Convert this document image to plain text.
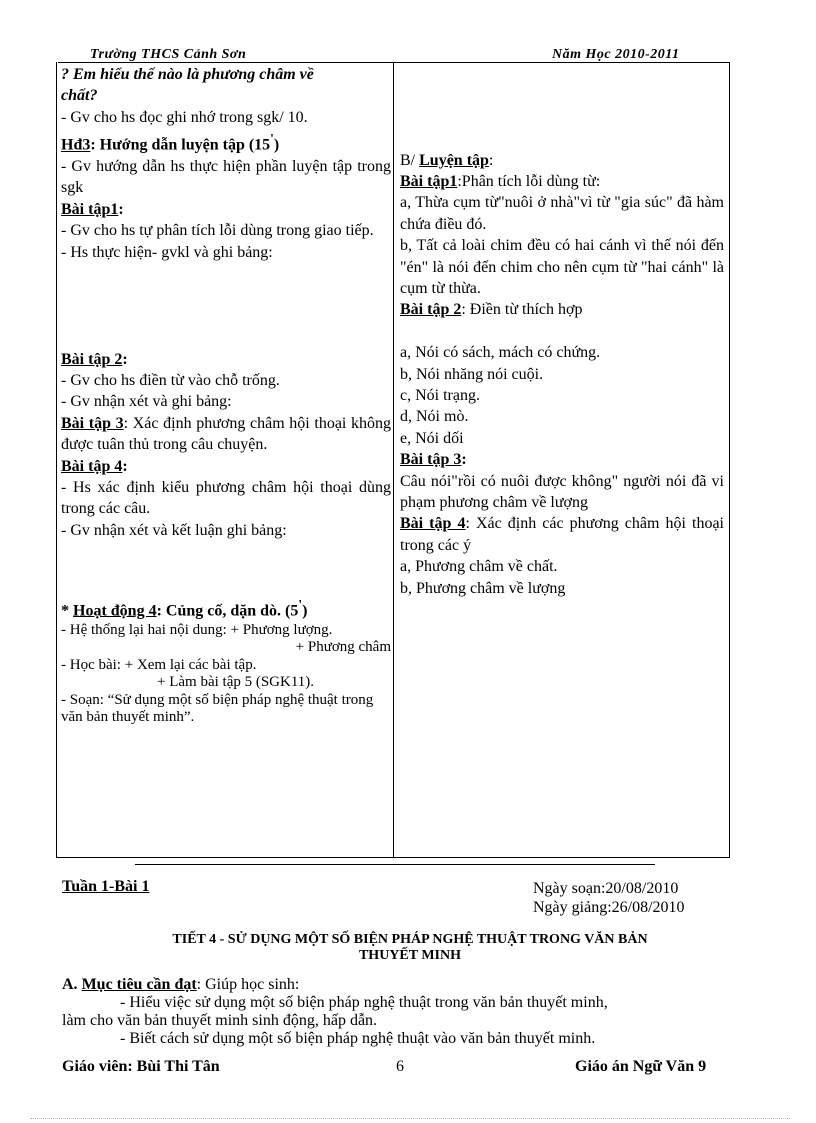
Trường THCS Cảnh Sơn	Năm Học 2010-2011

? Em hiểu thế nào là phương châm về
chất?

- Gv cho hs đọc ghi nhớ trong sgk/ 10.

Hđ3: Hướng dẫn luyện tập (15')

- Gv hướng dẫn hs thực hiện phần luyện tập trong sgk

Bài tập1:

- Gv cho hs tự phân tích lỗi dùng trong giao tiếp.

- Hs thực hiện- gvkl và ghi bảng:

Bài tập 2:

- Gv cho hs điền từ vào chỗ trống.

- Gv nhận xét và ghi bảng:

Bài tập 3: Xác định phương châm hội thoại không được tuân thủ trong câu chuyện.

Bài tập 4:

- Hs xác định kiểu phương châm hội thoại dùng trong các câu.

- Gv nhận xét và kết luận ghi bảng:

* Hoạt động 4: Củng cố, dặn dò. (5')

- Hệ thống lại hai nội dung: + Phương lượng.

+ Phương châm

- Học bài: + Xem lại các bài tập.

+ Làm bài tập 5 (SGK11).

- Soạn: “Sử dụng một số biện pháp nghệ thuật trong văn bản thuyết minh”.

B/ Luyện tập:

Bài tập1:Phân tích lỗi dùng từ:

a, Thừa cụm từ"nuôi ở nhà"vì từ "gia súc" đã hàm chứa điều đó.

b, Tất cả loài chim đều có hai cánh vì thế nói đến "én" là nói đến chim cho nên cụm từ "hai cánh" là cụm từ thừa.

Bài tập 2: Điền từ thích hợp

a, Nói có sách, mách có chứng.

b, Nói nhăng nói cuội.

c, Nói trạng.

d, Nói mò.

e, Nói dối

Bài tập 3:

Câu nói"rồi có nuôi được không" người nói đã vi phạm phương châm về lượng

Bài tập 4: Xác định các phương châm hội thoại trong các ý

a, Phương châm về chất.

b, Phương châm về lượng

Tuần 1-Bài 1	Ngày soạn:20/08/2010
Ngày giảng:26/08/2010
TIẾT 4 - SỬ DỤNG MỘT SỐ BIỆN PHÁP NGHỆ THUẬT TRONG VĂN BẢN
THUYẾT MINH
A. Mục tiêu cần đạt: Giúp học sinh:
- Hiểu việc sử dụng một số biện pháp nghệ thuật trong văn bản thuyết minh,
làm cho văn bản thuyết minh sinh động, hấp dẫn.
- Biết cách sử dụng một số biện pháp nghệ thuật vào văn bản thuyết minh.
Giáo viên: Bùi Thi Tân	6	Giáo án Ngữ Văn 9
